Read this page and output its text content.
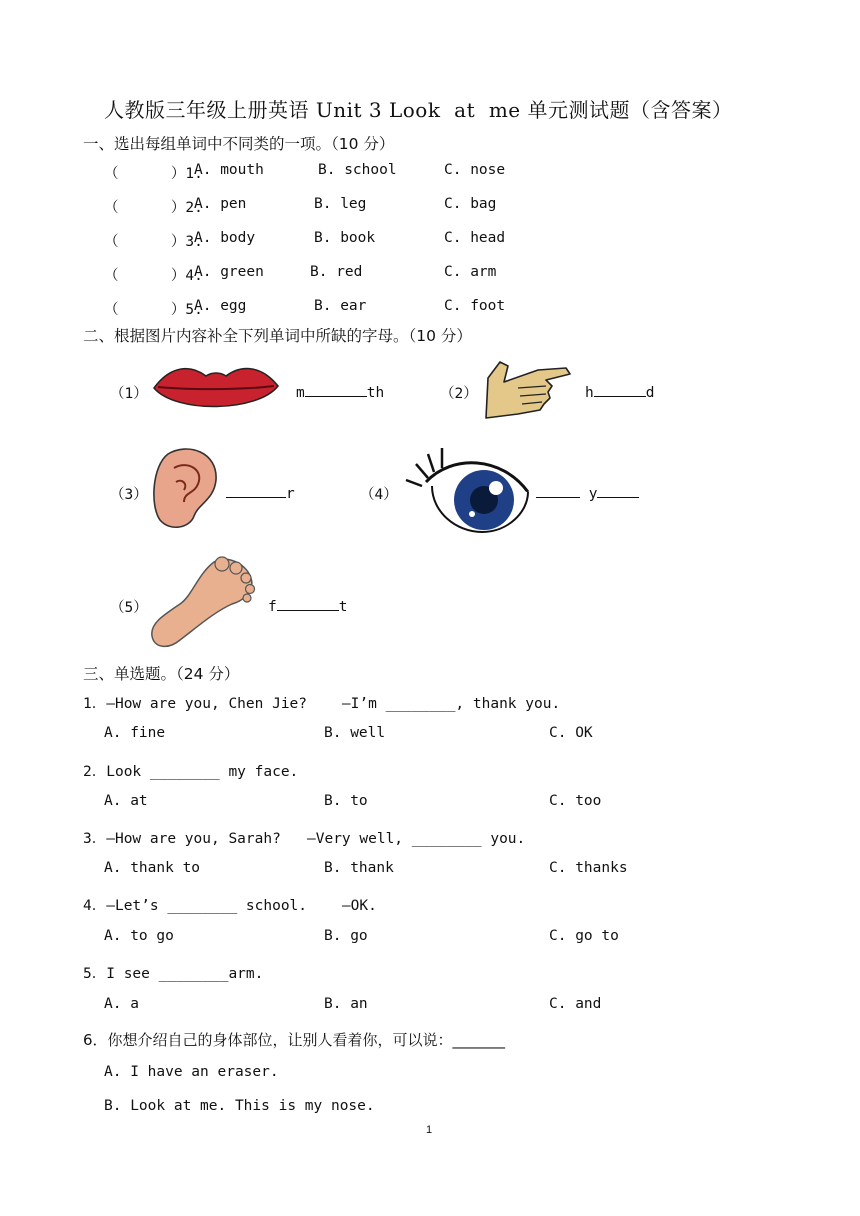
人教版三年级上册英语 Unit 3 Look  at  me 单元测试题（含答案）
一、选出每组单词中不同类的一项。（10 分）
（      ）1.
A. mouth	B. school	C. nose
（      ）2.
A. pen	B. leg	C. bag
（      ）3.
A. body	B. book	C. head
（      ）4.
A. green	B. red	C. arm
（      ）5.
A. egg	B. ear	C. foot
二、根据图片内容补全下列单词中所缺的字母。（10 分）
（1）	m	th	（2）	h	d
（3）	r	（4）	y
（5）	f	t
三、单选题。（24 分）
1．—How are you, Chen Jie?    —I’m ________, thank you.
A. fine	B. well	C. OK
2．Look ________ my face.
A. at	B. to	C. too
3．—How are you, Sarah?   —Very well, ________ you.
A. thank to	B. thank	C. thanks
4．—Let’s ________ school.    —OK.
A. to go	B. go	C. go to
5．I see ________arm.
A. a	B. an	C. and
6．你想介绍自己的身体部位，让别人看着你，可以说：_______
A. I have an eraser.
B. Look at me. This is my nose.
1
